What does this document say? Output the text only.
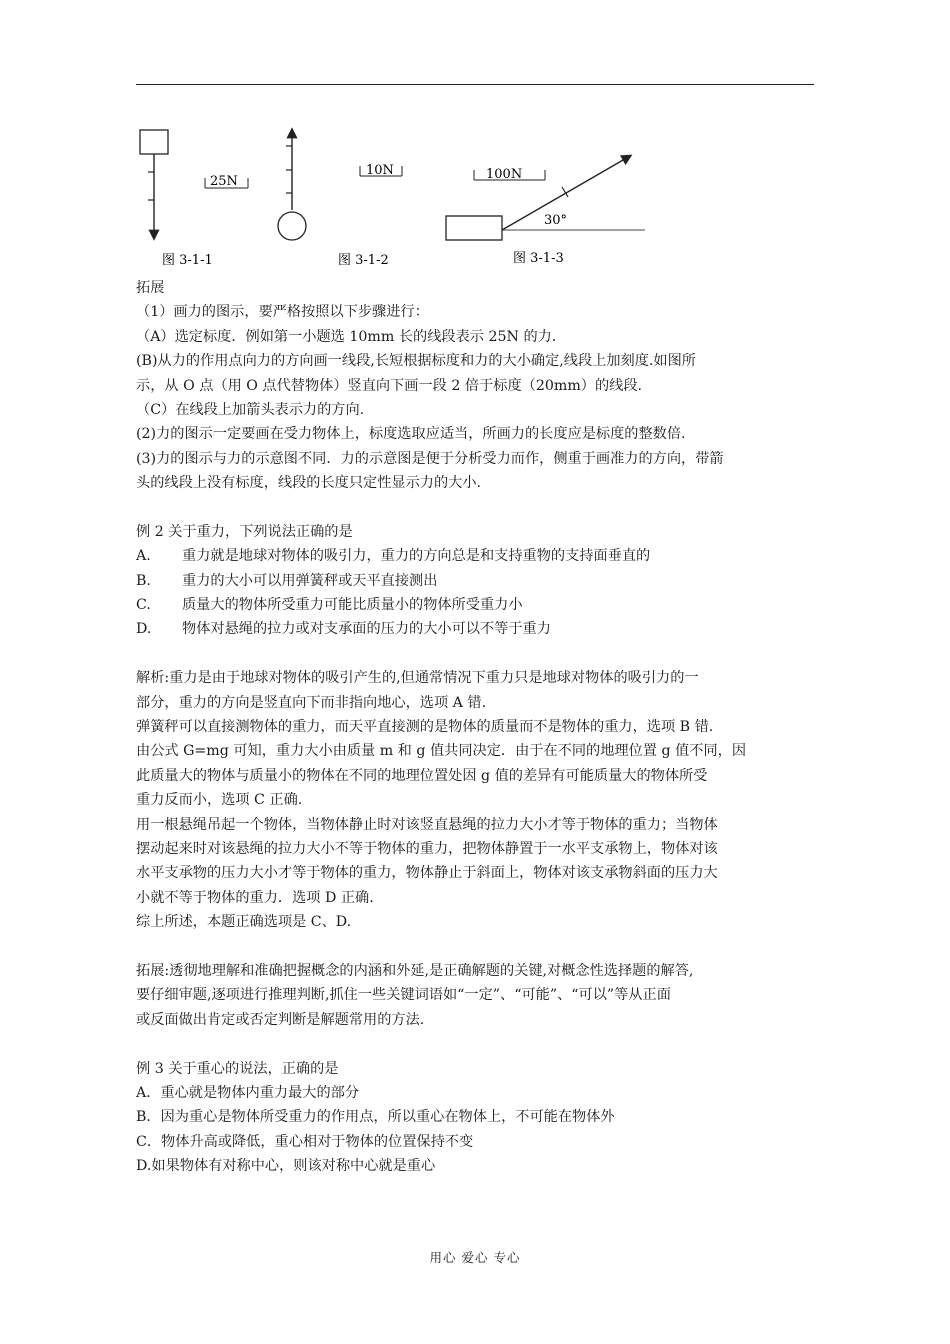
25N
图 3-1-1
10N
图 3-1-2
100N
30°
图 3-1-3
拓展
（1）画力的图示，要严格按照以下步骤进行：
（A）选定标度．例如第一小题选 10mm 长的线段表示 25N 的力．
(B)从力的作用点向力的方向画一线段,长短根据标度和力的大小确定,线段上加刻度.如图所
示，从 O 点（用 O 点代替物体）竖直向下画一段 2 倍于标度（20mm）的线段.
（C）在线段上加箭头表示力的方向.
(2)力的图示一定要画在受力物体上，标度选取应适当，所画力的长度应是标度的整数倍.
(3)力的图示与力的示意图不同．力的示意图是便于分析受力而作，侧重于画准力的方向，带箭
头的线段上没有标度，线段的长度只定性显示力的大小.
例 2 关于重力，下列说法正确的是
A. 重力就是地球对物体的吸引力，重力的方向总是和支持重物的支持面垂直的
B. 重力的大小可以用弹簧秤或天平直接测出
C. 质量大的物体所受重力可能比质量小的物体所受重力小
D. 物体对悬绳的拉力或对支承面的压力的大小可以不等于重力
解析:重力是由于地球对物体的吸引产生的,但通常情况下重力只是地球对物体的吸引力的一
部分，重力的方向是竖直向下而非指向地心，选项 A 错.
弹簧秤可以直接测物体的重力，而天平直接测的是物体的质量而不是物体的重力，选项 B 错.
由公式 G=mg 可知，重力大小由质量 m 和 g 值共同决定．由于在不同的地理位置 g 值不同，因
此质量大的物体与质量小的物体在不同的地理位置处因 g 值的差异有可能质量大的物体所受
重力反而小，选项 C 正确.
用一根悬绳吊起一个物体，当物体静止时对该竖直悬绳的拉力大小才等于物体的重力；当物体
摆动起来时对该悬绳的拉力大小不等于物体的重力，把物体静置于一水平支承物上，物体对该
水平支承物的压力大小才等于物体的重力，物体静止于斜面上，物体对该支承物斜面的压力大
小就不等于物体的重力．选项 D 正确.
综上所述，本题正确选项是 C、D.
拓展:透彻地理解和准确把握概念的内涵和外延,是正确解题的关键,对概念性选择题的解答,
要仔细审题,逐项进行推理判断,抓住一些关键词语如“一定”、“可能”、“可以”等从正面
或反面做出肯定或否定判断是解题常用的方法.
例 3 关于重心的说法，正确的是
A．重心就是物体内重力最大的部分
B．因为重心是物体所受重力的作用点，所以重心在物体上，不可能在物体外
C．物体升高或降低，重心相对于物体的位置保持不变
D.如果物体有对称中心，则该对称中心就是重心
用心 爱心 专心
